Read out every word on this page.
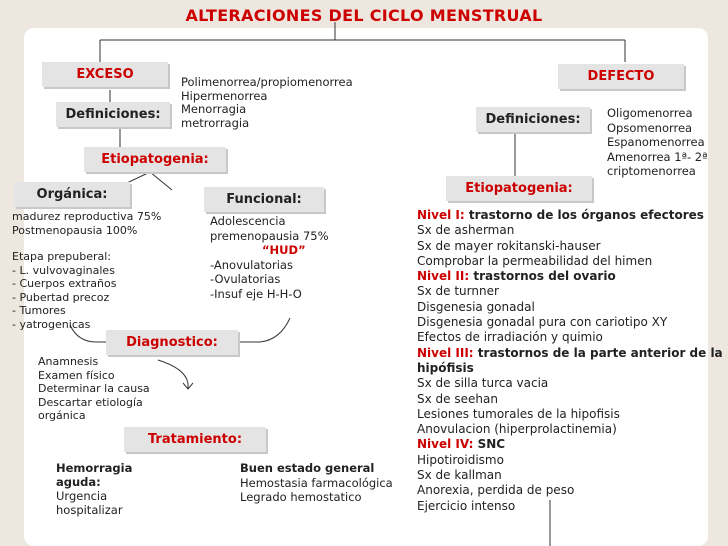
ALTERACIONES DEL CICLO MENSTRUAL
EXCESO	Polimenorrea/propiomenorrea
Hipermenorrea
Menorragia
metrorragia
Definiciones:
Etiopatogenia:
Orgánica:	Funcional:
madurez reproductiva 75%
Postmenopausia 100%
Etapa prepuberal:
- L. vulvovaginales
- Cuerpos extraños
- Pubertad precoz
- Tumores
- yatrogenicas
Adolescencia
premenopausia 75%
“HUD”
-Anovulatorias
-Ovulatorias
-Insuf eje H-H-O
Diagnostico:
Anamnesis
Examen físico
Determinar la causa
Descartar etiología
orgánica
Tratamiento:
Hemorragia
aguda:
Urgencia
hospitalizar
Buen estado general
Hemostasia farmacológica
Legrado hemostatico
DEFECTO
Definiciones:	Oligomenorrea
Opsomenorrea
Espanomenorrea
Amenorrea 1ª- 2ª
criptomenorrea
Etiopatogenia:
Nivel I: trastorno de los órganos efectores
Sx de asherman
Sx de mayer rokitanski-hauser
Comprobar la permeabilidad del himen
Nivel II: trastornos del ovario
Sx de turnner
Disgenesia gonadal
Disgenesia gonadal pura con cariotipo XY
Efectos de irradiación y quimio
Nivel III: trastornos de la parte anterior de la
hipófisis
Sx de silla turca vacia
Sx de seehan
Lesiones tumorales de la hipofisis
Anovulacion (hiperprolactinemia)
Nivel IV: SNC
Hipotiroidismo
Sx de kallman
Anorexia, perdida de peso
Ejercicio intenso
